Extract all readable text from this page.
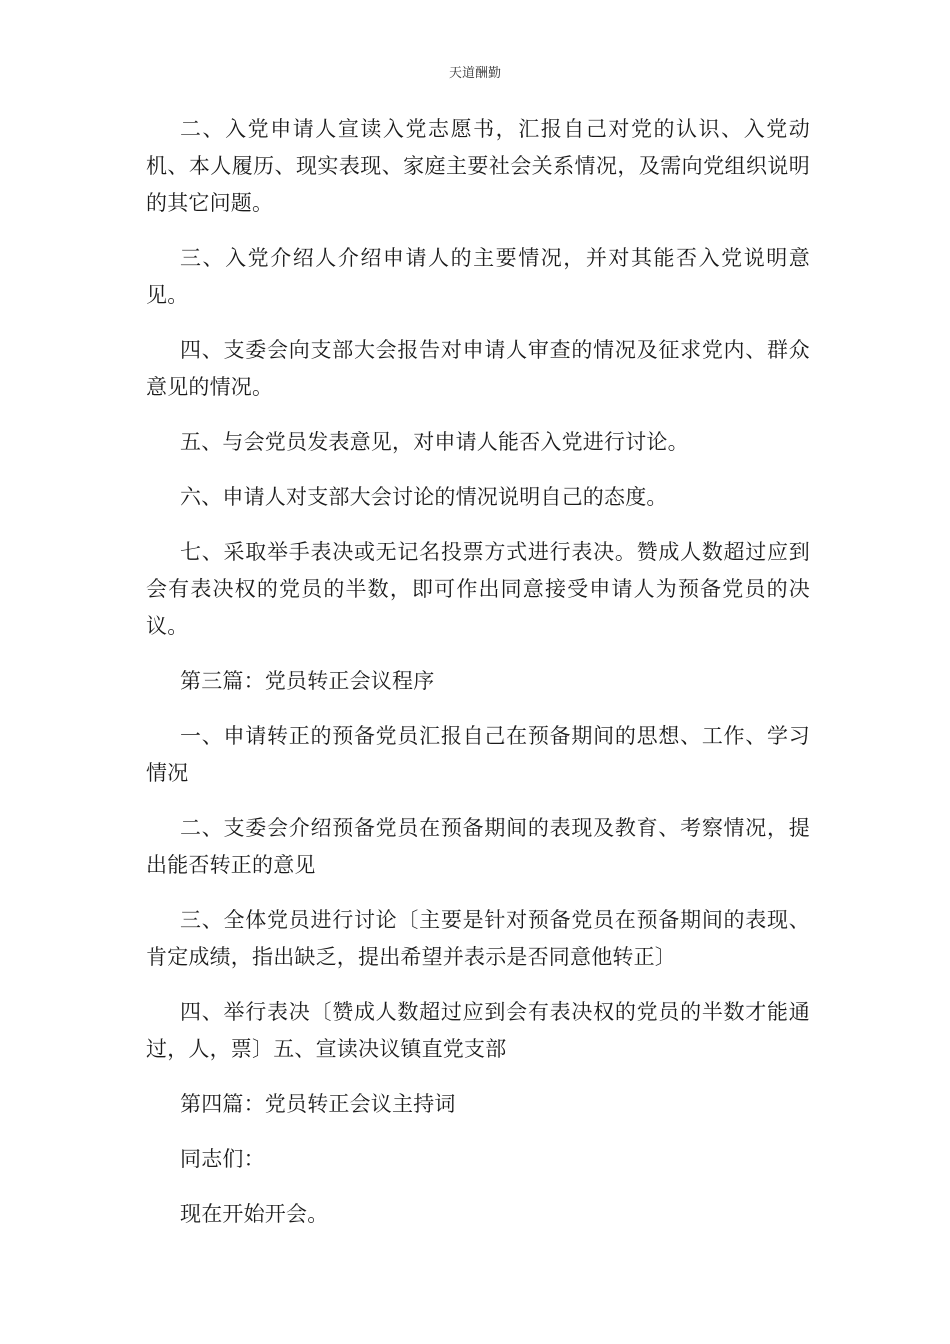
天道酬勤

二、入党申请人宣读入党志愿书，汇报自己对党的认识、入党动机、本人履历、现实表现、家庭主要社会关系情况，及需向党组织说明的其它问题。

三、入党介绍人介绍申请人的主要情况，并对其能否入党说明意见。

四、支委会向支部大会报告对申请人审查的情况及征求党内、群众意见的情况。

五、与会党员发表意见，对申请人能否入党进行讨论。

六、申请人对支部大会讨论的情况说明自己的态度。

七、采取举手表决或无记名投票方式进行表决。赞成人数超过应到会有表决权的党员的半数，即可作出同意接受申请人为预备党员的决议。

第三篇：党员转正会议程序

一、申请转正的预备党员汇报自己在预备期间的思想、工作、学习情况

二、支委会介绍预备党员在预备期间的表现及教育、考察情况，提出能否转正的意见

三、全体党员进行讨论〔主要是针对预备党员在预备期间的表现、肯定成绩，指出缺乏，提出希望并表示是否同意他转正〕

四、举行表决〔赞成人数超过应到会有表决权的党员的半数才能通过，人，票〕五、宣读决议镇直党支部

第四篇：党员转正会议主持词

同志们：

现在开始开会。
